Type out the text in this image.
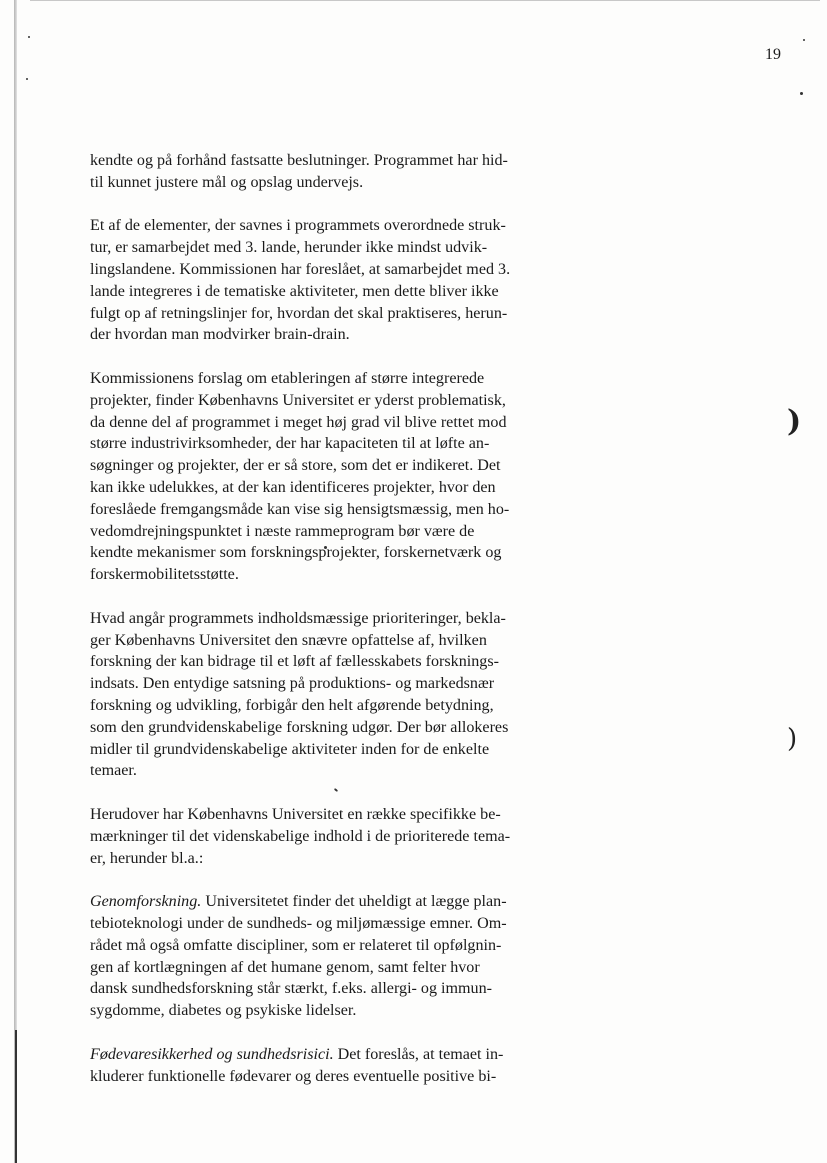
)
)
19

kendte og på forhånd fastsatte beslutninger. Programmet har hid-
til kunnet justere mål og opslag undervejs.

Et af de elementer, der savnes i programmets overordnede struk-
tur, er samarbejdet med 3. lande, herunder ikke mindst udvik-
lingslandene. Kommissionen har foreslået, at samarbejdet med 3.
lande integreres i de tematiske aktiviteter, men dette bliver ikke
fulgt op af retningslinjer for, hvordan det skal praktiseres, herun-
der hvordan man modvirker brain-drain.

Kommissionens forslag om etableringen af større integrerede
projekter, finder Københavns Universitet er yderst problematisk,
da denne del af programmet i meget høj grad vil blive rettet mod
større industrivirksomheder, der har kapaciteten til at løfte an-
søgninger og projekter, der er så store, som det er indikeret. Det
kan ikke udelukkes, at der kan identificeres projekter, hvor den
foreslåede fremgangsmåde kan vise sig hensigtsmæssig, men ho-
vedomdrejningspunktet i næste rammeprogram bør være de
kendte mekanismer som forskningsprojekter, forskernetværk og
forskermobilitetsstøtte.

Hvad angår programmets indholdsmæssige prioriteringer, bekla-
ger Københavns Universitet den snævre opfattelse af, hvilken
forskning der kan bidrage til et løft af fællesskabets forsknings-
indsats. Den entydige satsning på produktions- og markedsnær
forskning og udvikling, forbigår den helt afgørende betydning,
som den grundvidenskabelige forskning udgør. Der bør allokeres
midler til grundvidenskabelige aktiviteter inden for de enkelte
temaer.

Herudover har Københavns Universitet en række specifikke be-
mærkninger til det videnskabelige indhold i de prioriterede tema-
er, herunder bl.a.:

Genomforskning. Universitetet finder det uheldigt at lægge plan-
tebioteknologi under de sundheds- og miljømæssige emner. Om-
rådet må også omfatte discipliner, som er relateret til opfølgnin-
gen af kortlægningen af det humane genom, samt felter hvor
dansk sundhedsforskning står stærkt, f.eks. allergi- og immun-
sygdomme, diabetes og psykiske lidelser.

Fødevaresikkerhed og sundhedsrisici. Det foreslås, at temaet in-
kluderer funktionelle fødevarer og deres eventuelle positive bi-
